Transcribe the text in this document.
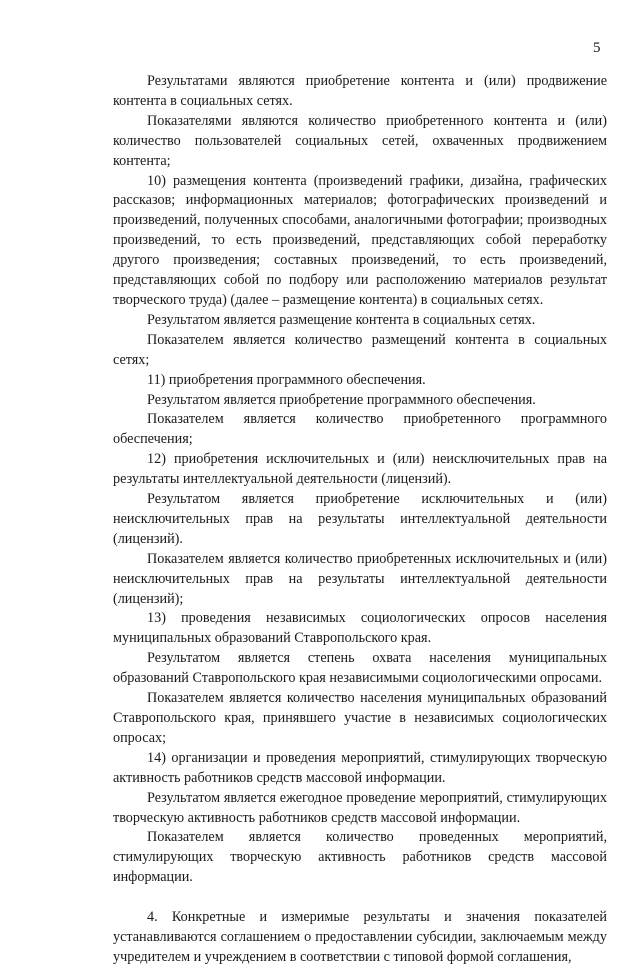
5

Результатами являются приобретение контента и (или) продвижение контента в социальных сетях.

Показателями являются количество приобретенного контента и (или) количество пользователей социальных сетей, охваченных продвижением контента;

10) размещения контента (произведений графики, дизайна, графических рассказов; информационных материалов; фотографических произведений и произведений, полученных способами, аналогичными фотографии; производных произведений, то есть произведений, представляющих собой переработку другого произведения; составных произведений, то есть произведений, представляющих собой по подбору или расположению материалов результат творческого труда) (далее – размещение контента) в социальных сетях.

Результатом является размещение контента в социальных сетях.

Показателем является количество размещений контента в социальных сетях;

11) приобретения программного обеспечения.

Результатом является приобретение программного обеспечения.

Показателем является количество приобретенного программного обеспечения;

12) приобретения исключительных и (или) неисключительных прав на результаты интеллектуальной деятельности (лицензий).

Результатом является приобретение исключительных и (или) неисключительных прав на результаты интеллектуальной деятельности (лицензий).

Показателем является количество приобретенных исключительных и (или) неисключительных прав на результаты интеллектуальной деятельности (лицензий);

13) проведения независимых социологических опросов населения муниципальных образований Ставропольского края.

Результатом является степень охвата населения муниципальных образований Ставропольского края независимыми социологическими опросами.

Показателем является количество населения муниципальных образований Ставропольского края, принявшего участие в независимых социологических опросах;

14) организации и проведения мероприятий, стимулирующих творческую активность работников средств массовой информации.

Результатом является ежегодное проведение мероприятий, стимулирующих творческую активность работников средств массовой информации.

Показателем является количество проведенных мероприятий, стимулирующих творческую активность работников средств массовой информации.

4. Конкретные и измеримые результаты и значения показателей устанавливаются соглашением о предоставлении субсидии, заключаемым между учредителем и учреждением в соответствии с типовой формой соглашения,
